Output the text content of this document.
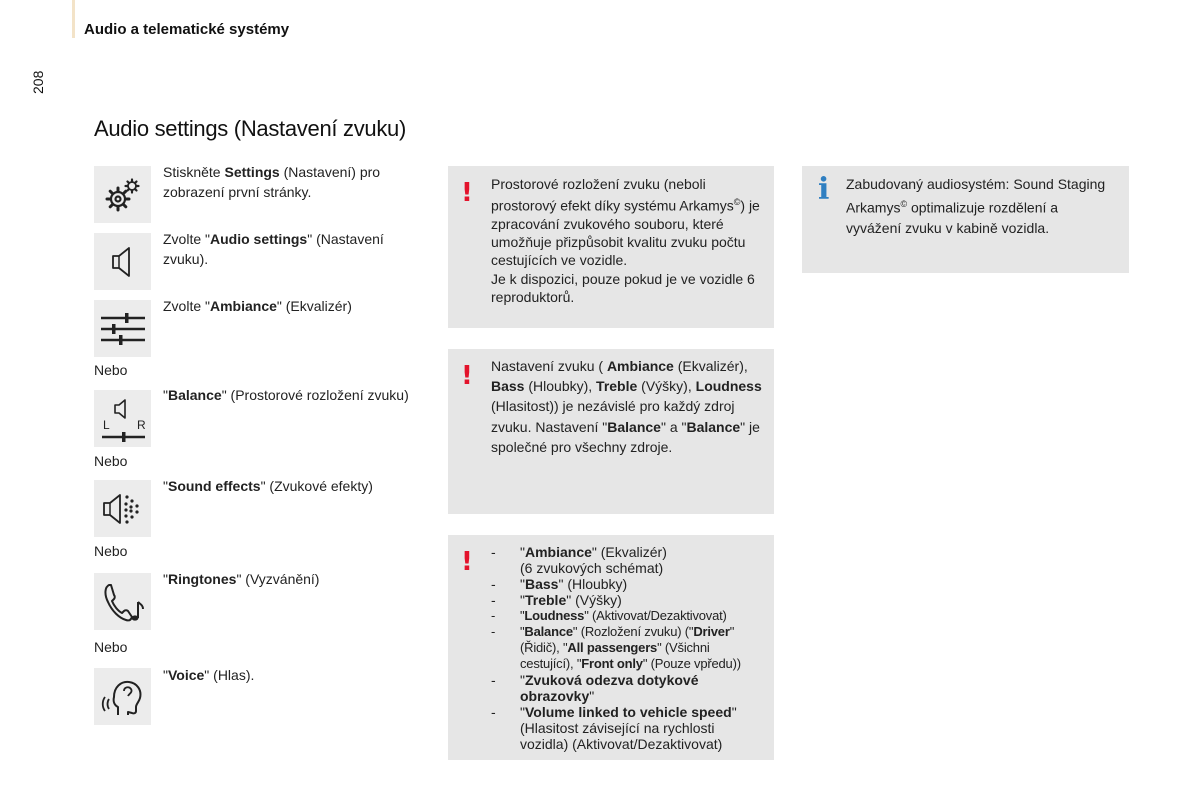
Audio a telematické systémy
208
Audio settings (Nastavení zvuku)
Stiskněte Settings (Nastavení) pro zobrazení první stránky.
Zvolte "Audio settings" (Nastavení zvuku).
Zvolte "Ambiance" (Ekvalizér)
Nebo
L R
"Balance" (Prostorové rozložení zvuku)
Nebo
"Sound effects" (Zvukové efekty)
Nebo
"Ringtones" (Vyzvánění)
Nebo
"Voice" (Hlas).
! Prostorové rozložení zvuku (neboli prostorový efekt díky systému Arkamys©) je zpracování zvukového souboru, které umožňuje přizpůsobit kvalitu zvuku počtu cestujících ve vozidle.
Je k dispozici, pouze pokud je ve vozidle 6 reproduktorů.
! Nastavení zvuku ( Ambiance (Ekvalizér), Bass (Hloubky), Treble (Výšky), Loudness (Hlasitost)) je nezávislé pro každý zdroj zvuku. Nastavení "Balance" a "Balance" je společné pro všechny zdroje.
! - "Ambiance" (Ekvalizér)
(6 zvukových schémat)
- "Bass" (Hloubky)
- "Treble" (Výšky)
- "Loudness" (Aktivovat/Dezaktivovat)
- "Balance" (Rozložení zvuku) ("Driver" (Řidič), "All passengers" (Všichni cestující), "Front only" (Pouze vpředu))
- "Zvuková odezva dotykové obrazovky"
- "Volume linked to vehicle speed"
(Hlasitost závisející na rychlosti vozidla) (Aktivovat/Dezaktivovat)
i Zabudovaný audiosystém: Sound Staging Arkamys© optimalizuje rozdělení a vyvážení zvuku v kabině vozidla.
